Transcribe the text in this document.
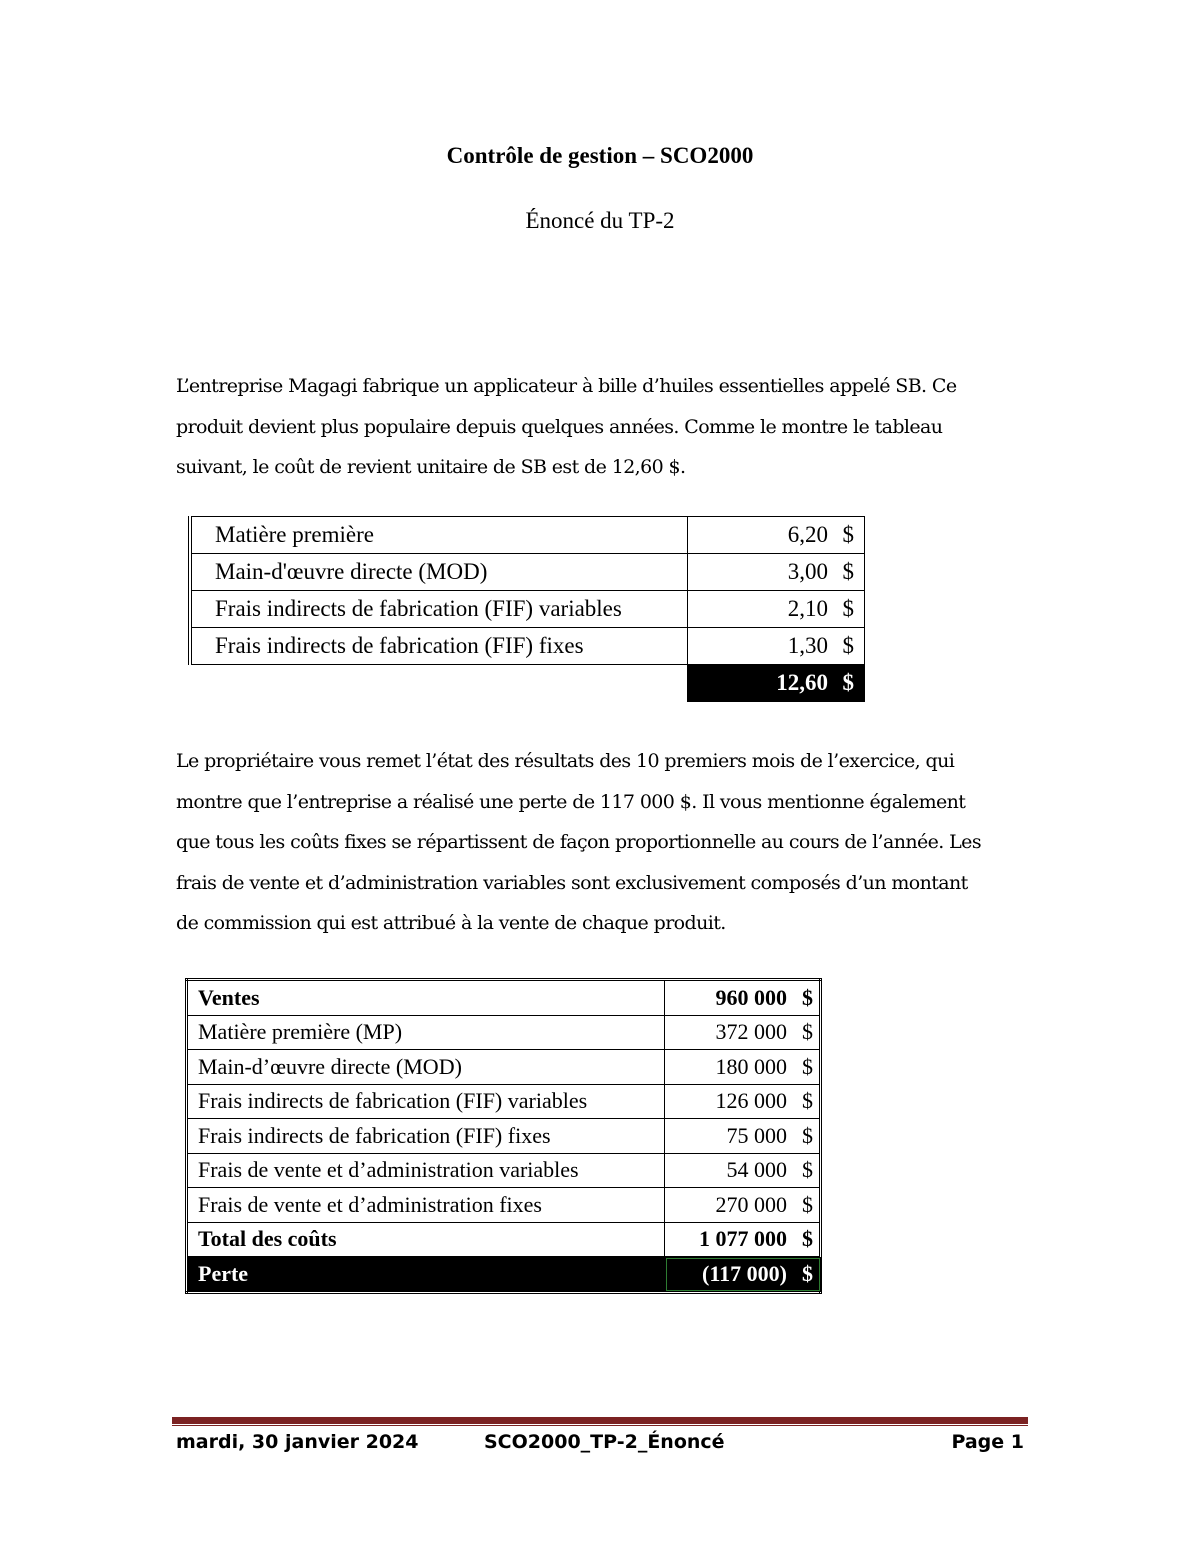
Contrôle de gestion – SCO2000
Énoncé du TP-2
L’entreprise Magagi fabrique un applicateur à bille d’huiles essentielles appelé SB. Ce
produit devient plus populaire depuis quelques années. Comme le montre le tableau
suivant, le coût de revient unitaire de SB est de 12,60 $.
Matière première	6,20 $
Main-d'œuvre directe (MOD)	3,00 $
Frais indirects de fabrication (FIF) variables	2,10 $
Frais indirects de fabrication (FIF) fixes	1,30 $
	12,60 $
Le propriétaire vous remet l’état des résultats des 10 premiers mois de l’exercice, qui
montre que l’entreprise a réalisé une perte de 117 000 $. Il vous mentionne également
que tous les coûts fixes se répartissent de façon proportionnelle au cours de l’année. Les
frais de vente et d’administration variables sont exclusivement composés d’un montant
de commission qui est attribué à la vente de chaque produit.
Ventes	960 000 $
Matière première (MP)	372 000 $
Main-d’œuvre directe (MOD)	180 000 $
Frais indirects de fabrication (FIF) variables	126 000 $
Frais indirects de fabrication (FIF) fixes	75 000 $
Frais de vente et d’administration variables	54 000 $
Frais de vente et d’administration fixes	270 000 $
Total des coûts	1 077 000 $
Perte	(117 000) $
mardi, 30 janvier 2024	SCO2000_TP-2_Énoncé	Page 1
